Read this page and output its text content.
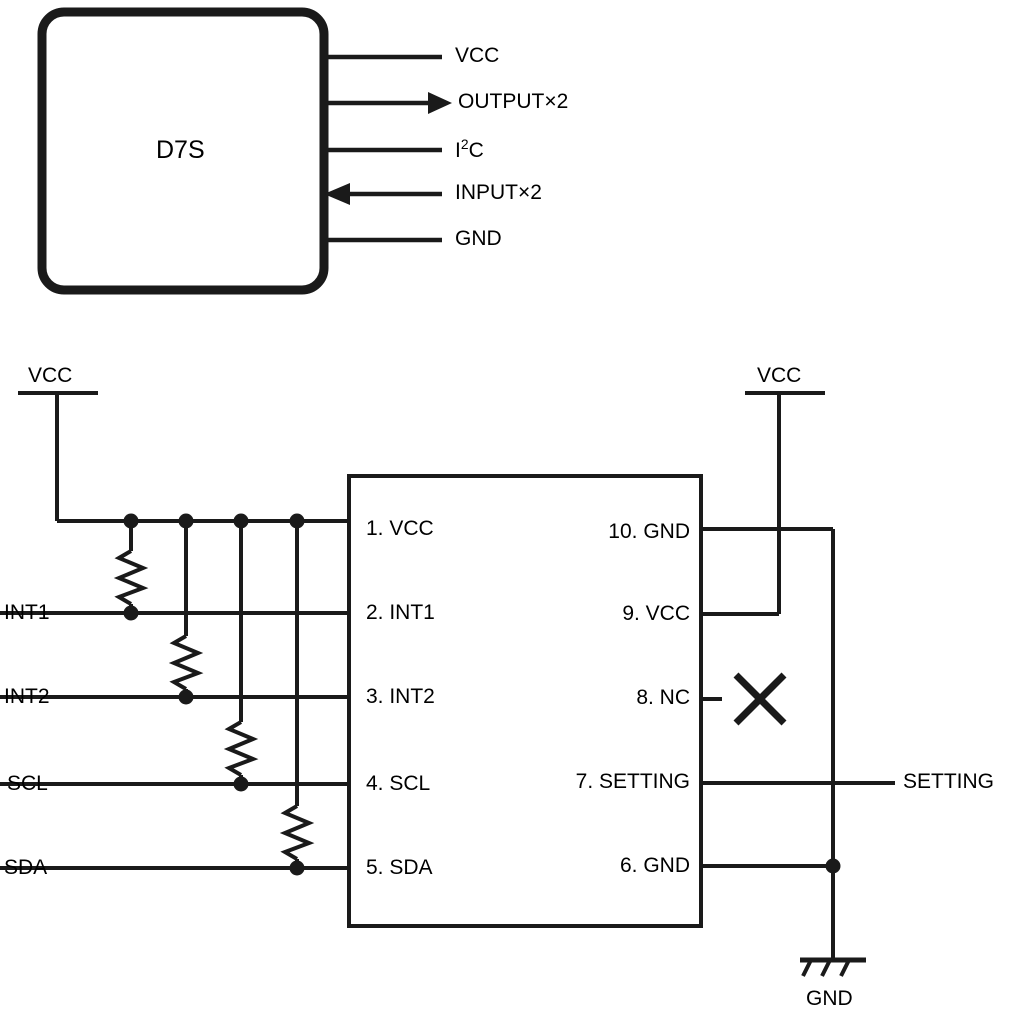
D7S
VCC
OUTPUT×2
$I^2C$
INPUT×2
GND
VCC	VCC
GND
SETTING
INT1
INT2
SCL
SDA
1. VCC
2. INT1
3. INT2
4. SCL
5. SDA
10. GND
9. VCC
8. NC
7. SETTING
6. GND
